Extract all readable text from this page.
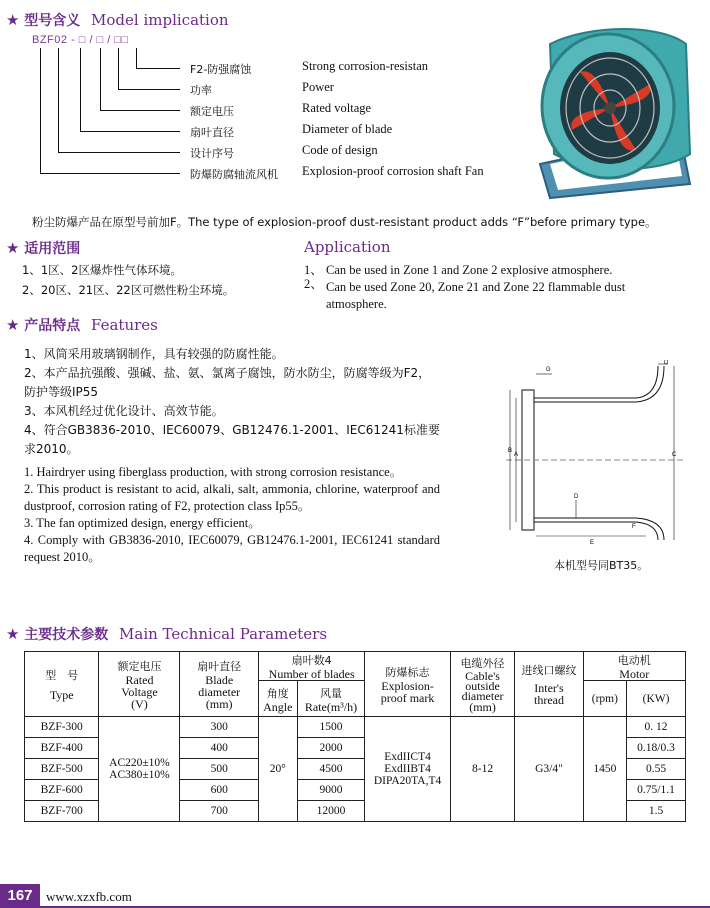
★ 型号含义 Model implication
BZF02 - □ / □ / □□
F2-防强腐蚀	Strong corrosion-resistan
功率	Power
额定电压	Rated voltage
扇叶直径	Diameter of blade
设计序号	Code of design
防爆防腐轴流风机 Explosion-proof corrosion shaft Fan
粉尘防爆产品在原型号前加F。The type of explosion-proof dust-resistant product adds “F”before primary type。
★ 适用范围	Application
1、1区、2区爆炸性气体环境。
2、20区、21区、22区可燃性粉尘环境。
1、 Can be used in Zone 1 and Zone 2 explosive atmosphere.
2、 Can be used Zone 20, Zone 21 and Zone 22 flammable dust atmosphere.
★ 产品特点 Features
1、风筒采用玻璃钢制作，具有较强的防腐性能。
2、本产品抗强酸、强碱、盐、氨、氯离子腐蚀，防水防尘，防腐等级为F2，防护等级IP55
3、本风机经过优化设计、高效节能。
4、符合GB3836-2010、IEC60079、GB12476.1-2001、IEC61241标准要求2010。
1. Hairdryer using fiberglass production, with strong corrosion resistance。
2. This product is resistant to acid, alkali, salt, ammonia, chlorine, waterproof and dustproof, corrosion rating of F2, protection class Ip55。
3. The fan optimized design, energy efficient。
4. Comply with GB3836-2010, IEC60079, GB12476.1-2001, IEC61241 standard request 2010。
G
D
B
A	C
D
E
F
本机型号同BT35。
★ 主要技术参数 Main Technical Parameters
型　号
Type	额定电压
Rated
Voltage
(V)	扇叶直径
Blade
diameter
(mm)	扇叶数4
Number of blades		防爆标志
Explosion-
proof mark	电缆外径
Cable's
outside
diameter
(mm)	进线口螺纹
Inter's
thread	电动机
Motor	

			角度
Angle	风量
Rate(m³/h)				(rpm)	(KW)
BZF-300	AC220±10%
AC380±10%	300	20°	1500	ExdIICT4
ExdIIBT4
DIPA20TA,T4	8-12	G3/4"	1450	0. 12
BZF-400		400		2000					0.18/0.3
BZF-500		500		4500					0.55
BZF-600		600		9000					0.75/1.1
BZF-700		700		12000					1.5
167	www.xzxfb.com
